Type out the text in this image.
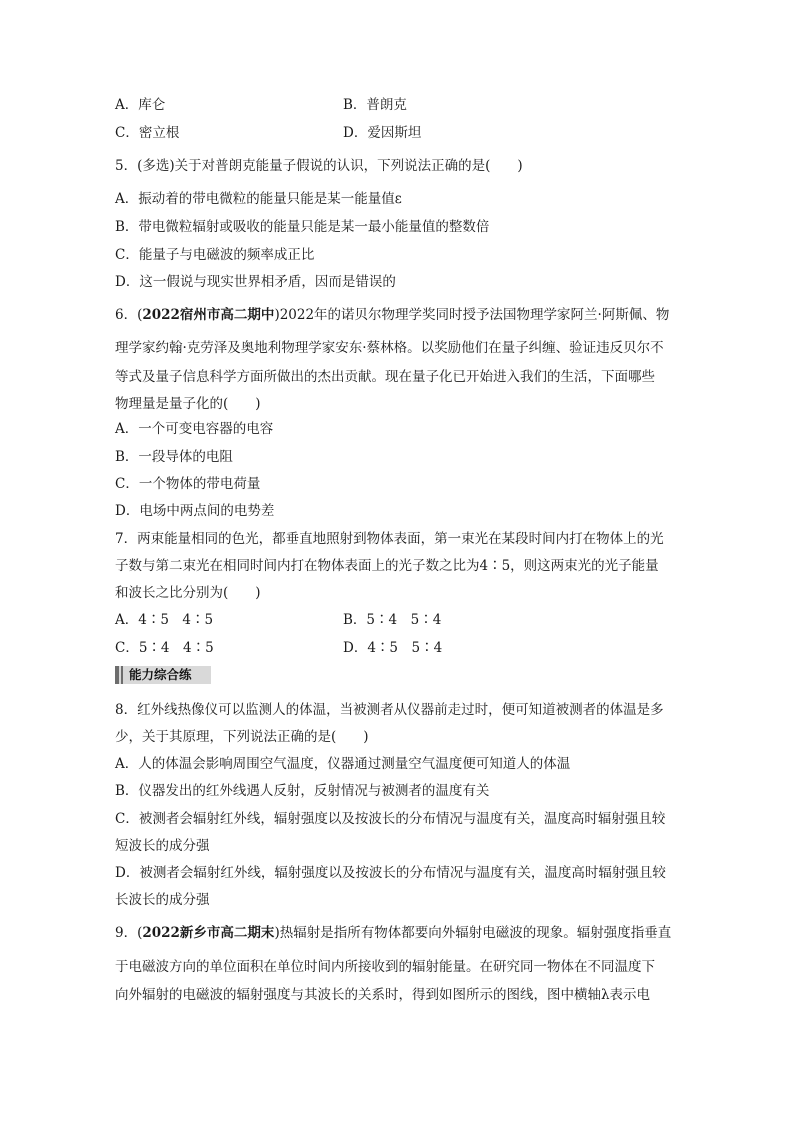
A．库仑	B．普朗克
C．密立根	D．爱因斯坦
5．(多选)关于对普朗克能量子假说的认识，下列说法正确的是(　　)
A．振动着的带电微粒的能量只能是某一能量值ε
B．带电微粒辐射或吸收的能量只能是某一最小能量值的整数倍
C．能量子与电磁波的频率成正比
D．这一假说与现实世界相矛盾，因而是错误的
6．(2022宿州市高二期中)2022年的诺贝尔物理学奖同时授予法国物理学家阿兰·阿斯佩、物
理学家约翰·克劳泽及奥地利物理学家安东·蔡林格。以奖励他们在量子纠缠、验证违反贝尔不
等式及量子信息科学方面所做出的杰出贡献。现在量子化已开始进入我们的生活，下面哪些
物理量是量子化的(　　)
A．一个可变电容器的电容
B．一段导体的电阻
C．一个物体的带电荷量
D．电场中两点间的电势差
7．两束能量相同的色光，都垂直地照射到物体表面，第一束光在某段时间内打在物体上的光
子数与第二束光在相同时间内打在物体表面上的光子数之比为4∶5，则这两束光的光子能量
和波长之比分别为(　　)
A．4∶5　4∶5	B．5∶4　5∶4
C．5∶4　4∶5	D．4∶5　5∶4
能力综合练
8．红外线热像仪可以监测人的体温，当被测者从仪器前走过时，便可知道被测者的体温是多
少，关于其原理，下列说法正确的是(　　)
A．人的体温会影响周围空气温度，仪器通过测量空气温度便可知道人的体温
B．仪器发出的红外线遇人反射，反射情况与被测者的温度有关
C．被测者会辐射红外线，辐射强度以及按波长的分布情况与温度有关，温度高时辐射强且较
短波长的成分强
D．被测者会辐射红外线，辐射强度以及按波长的分布情况与温度有关，温度高时辐射强且较
长波长的成分强
9．(2022新乡市高二期末)热辐射是指所有物体都要向外辐射电磁波的现象。辐射强度指垂直
于电磁波方向的单位面积在单位时间内所接收到的辐射能量。在研究同一物体在不同温度下
向外辐射的电磁波的辐射强度与其波长的关系时，得到如图所示的图线，图中横轴λ表示电
